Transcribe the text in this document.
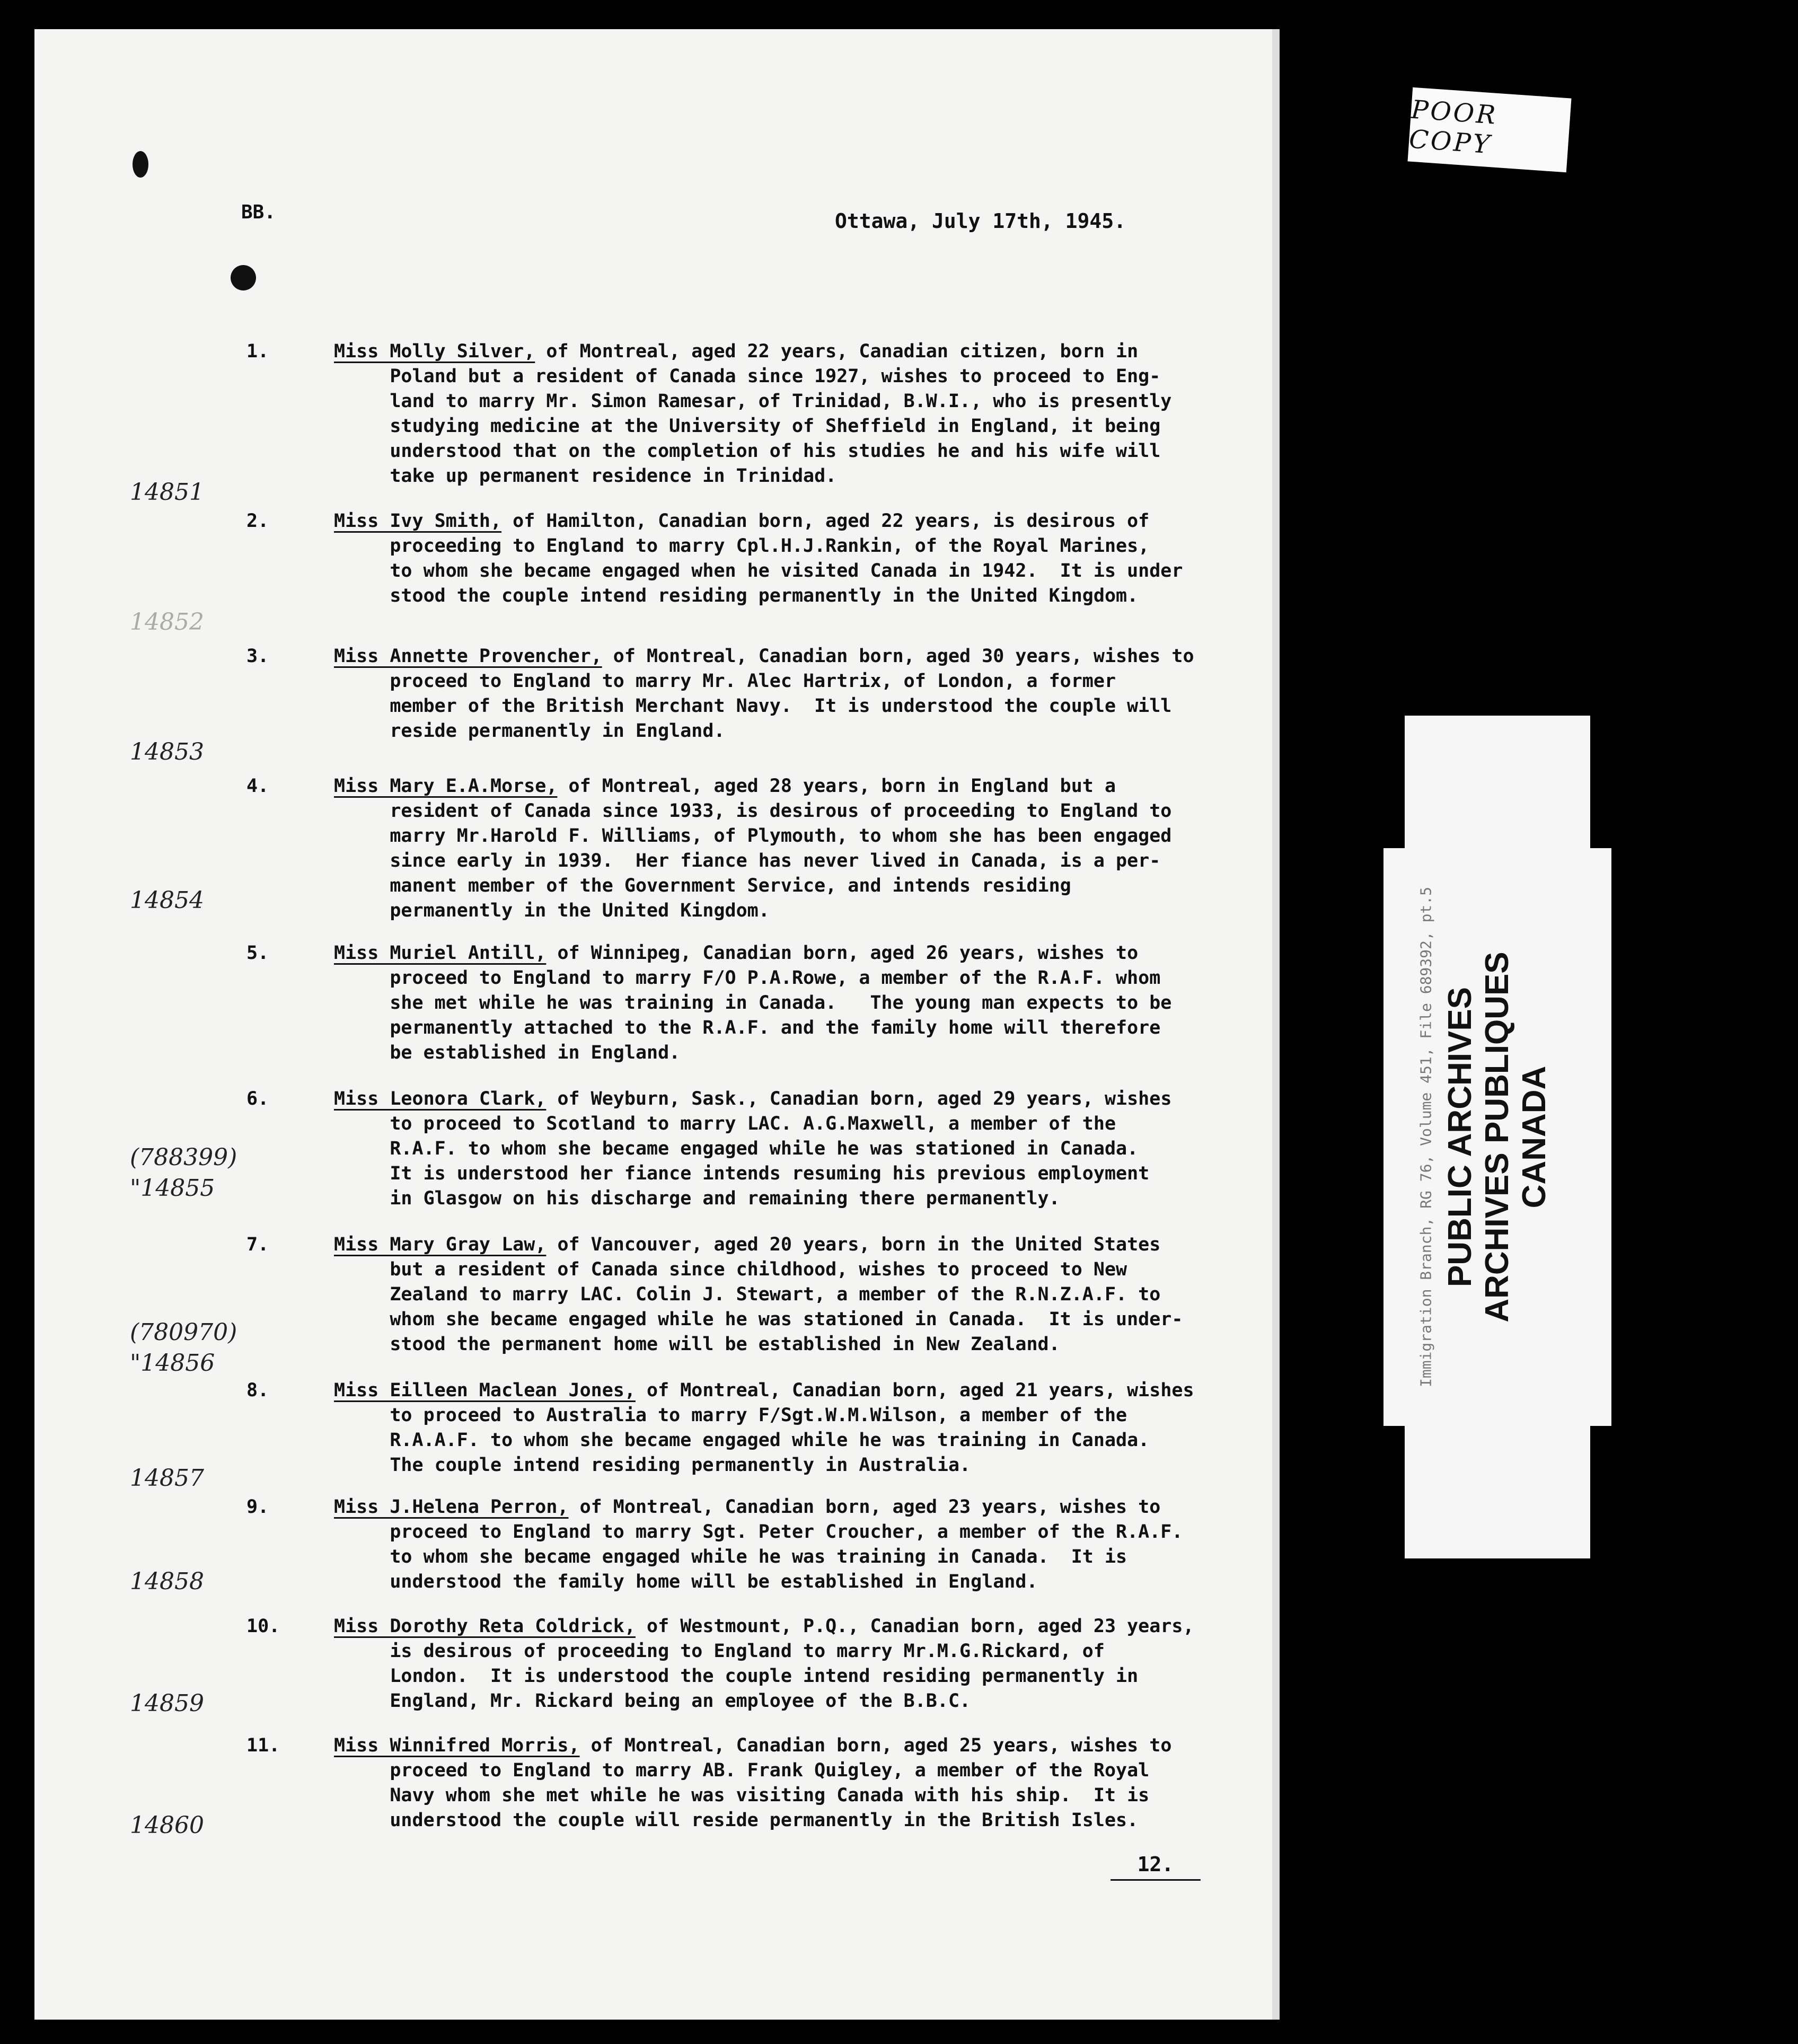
BB.	Ottawa, July 17th, 1945.
1.	Miss Molly Silver, of Montreal, aged 22 years, Canadian citizen, born in
Poland but a resident of Canada since 1927, wishes to proceed to Eng-
land to marry Mr. Simon Ramesar, of Trinidad, B.W.I., who is presently
studying medicine at the University of Sheffield in England, it being
understood that on the completion of his studies he and his wife will
take up permanent residence in Trinidad.
14851
2.	Miss Ivy Smith, of Hamilton, Canadian born, aged 22 years, is desirous of
proceeding to England to marry Cpl.H.J.Rankin, of the Royal Marines,
to whom she became engaged when he visited Canada in 1942.  It is under
stood the couple intend residing permanently in the United Kingdom.
14852
3.	Miss Annette Provencher, of Montreal, Canadian born, aged 30 years, wishes to
proceed to England to marry Mr. Alec Hartrix, of London, a former
member of the British Merchant Navy.  It is understood the couple will
reside permanently in England.
14853
4.	Miss Mary E.A.Morse, of Montreal, aged 28 years, born in England but a
resident of Canada since 1933, is desirous of proceeding to England to
marry Mr.Harold F. Williams, of Plymouth, to whom she has been engaged
since early in 1939.  Her fiance has never lived in Canada, is a per-
manent member of the Government Service, and intends residing
permanently in the United Kingdom.
14854
5.	Miss Muriel Antill, of Winnipeg, Canadian born, aged 26 years, wishes to
proceed to England to marry F/O P.A.Rowe, a member of the R.A.F. whom
she met while he was training in Canada.   The young man expects to be
permanently attached to the R.A.F. and the family home will therefore
be established in England.
6.	Miss Leonora Clark, of Weyburn, Sask., Canadian born, aged 29 years, wishes
to proceed to Scotland to marry LAC. A.G.Maxwell, a member of the
R.A.F. to whom she became engaged while he was stationed in Canada.
It is understood her fiance intends resuming his previous employment
in Glasgow on his discharge and remaining there permanently.
(788399)
"14855
7.	Miss Mary Gray Law, of Vancouver, aged 20 years, born in the United States
but a resident of Canada since childhood, wishes to proceed to New
Zealand to marry LAC. Colin J. Stewart, a member of the R.N.Z.A.F. to
whom she became engaged while he was stationed in Canada.  It is under-
stood the permanent home will be established in New Zealand.
(780970)
"14856
8.	Miss Eilleen Maclean Jones, of Montreal, Canadian born, aged 21 years, wishes
to proceed to Australia to marry F/Sgt.W.M.Wilson, a member of the
R.A.A.F. to whom she became engaged while he was training in Canada.
The couple intend residing permanently in Australia.
14857
9.	Miss J.Helena Perron, of Montreal, Canadian born, aged 23 years, wishes to
proceed to England to marry Sgt. Peter Croucher, a member of the R.A.F.
to whom she became engaged while he was training in Canada.  It is
understood the family home will be established in England.
14858
10.	Miss Dorothy Reta Coldrick, of Westmount, P.Q., Canadian born, aged 23 years,
is desirous of proceeding to England to marry Mr.M.G.Rickard, of
London.  It is understood the couple intend residing permanently in
England, Mr. Rickard being an employee of the B.B.C.
14859
11.	Miss Winnifred Morris, of Montreal, Canadian born, aged 25 years, wishes to
proceed to England to marry AB. Frank Quigley, a member of the Royal
Navy whom she met while he was visiting Canada with his ship.  It is
understood the couple will reside permanently in the British Isles.
14860
12.
POOR COPY
Immigration Branch, RG 76, Volume 451, File 689392, pt.5 PUBLIC ARCHIVES ARCHIVES PUBLIQUES CANADA
